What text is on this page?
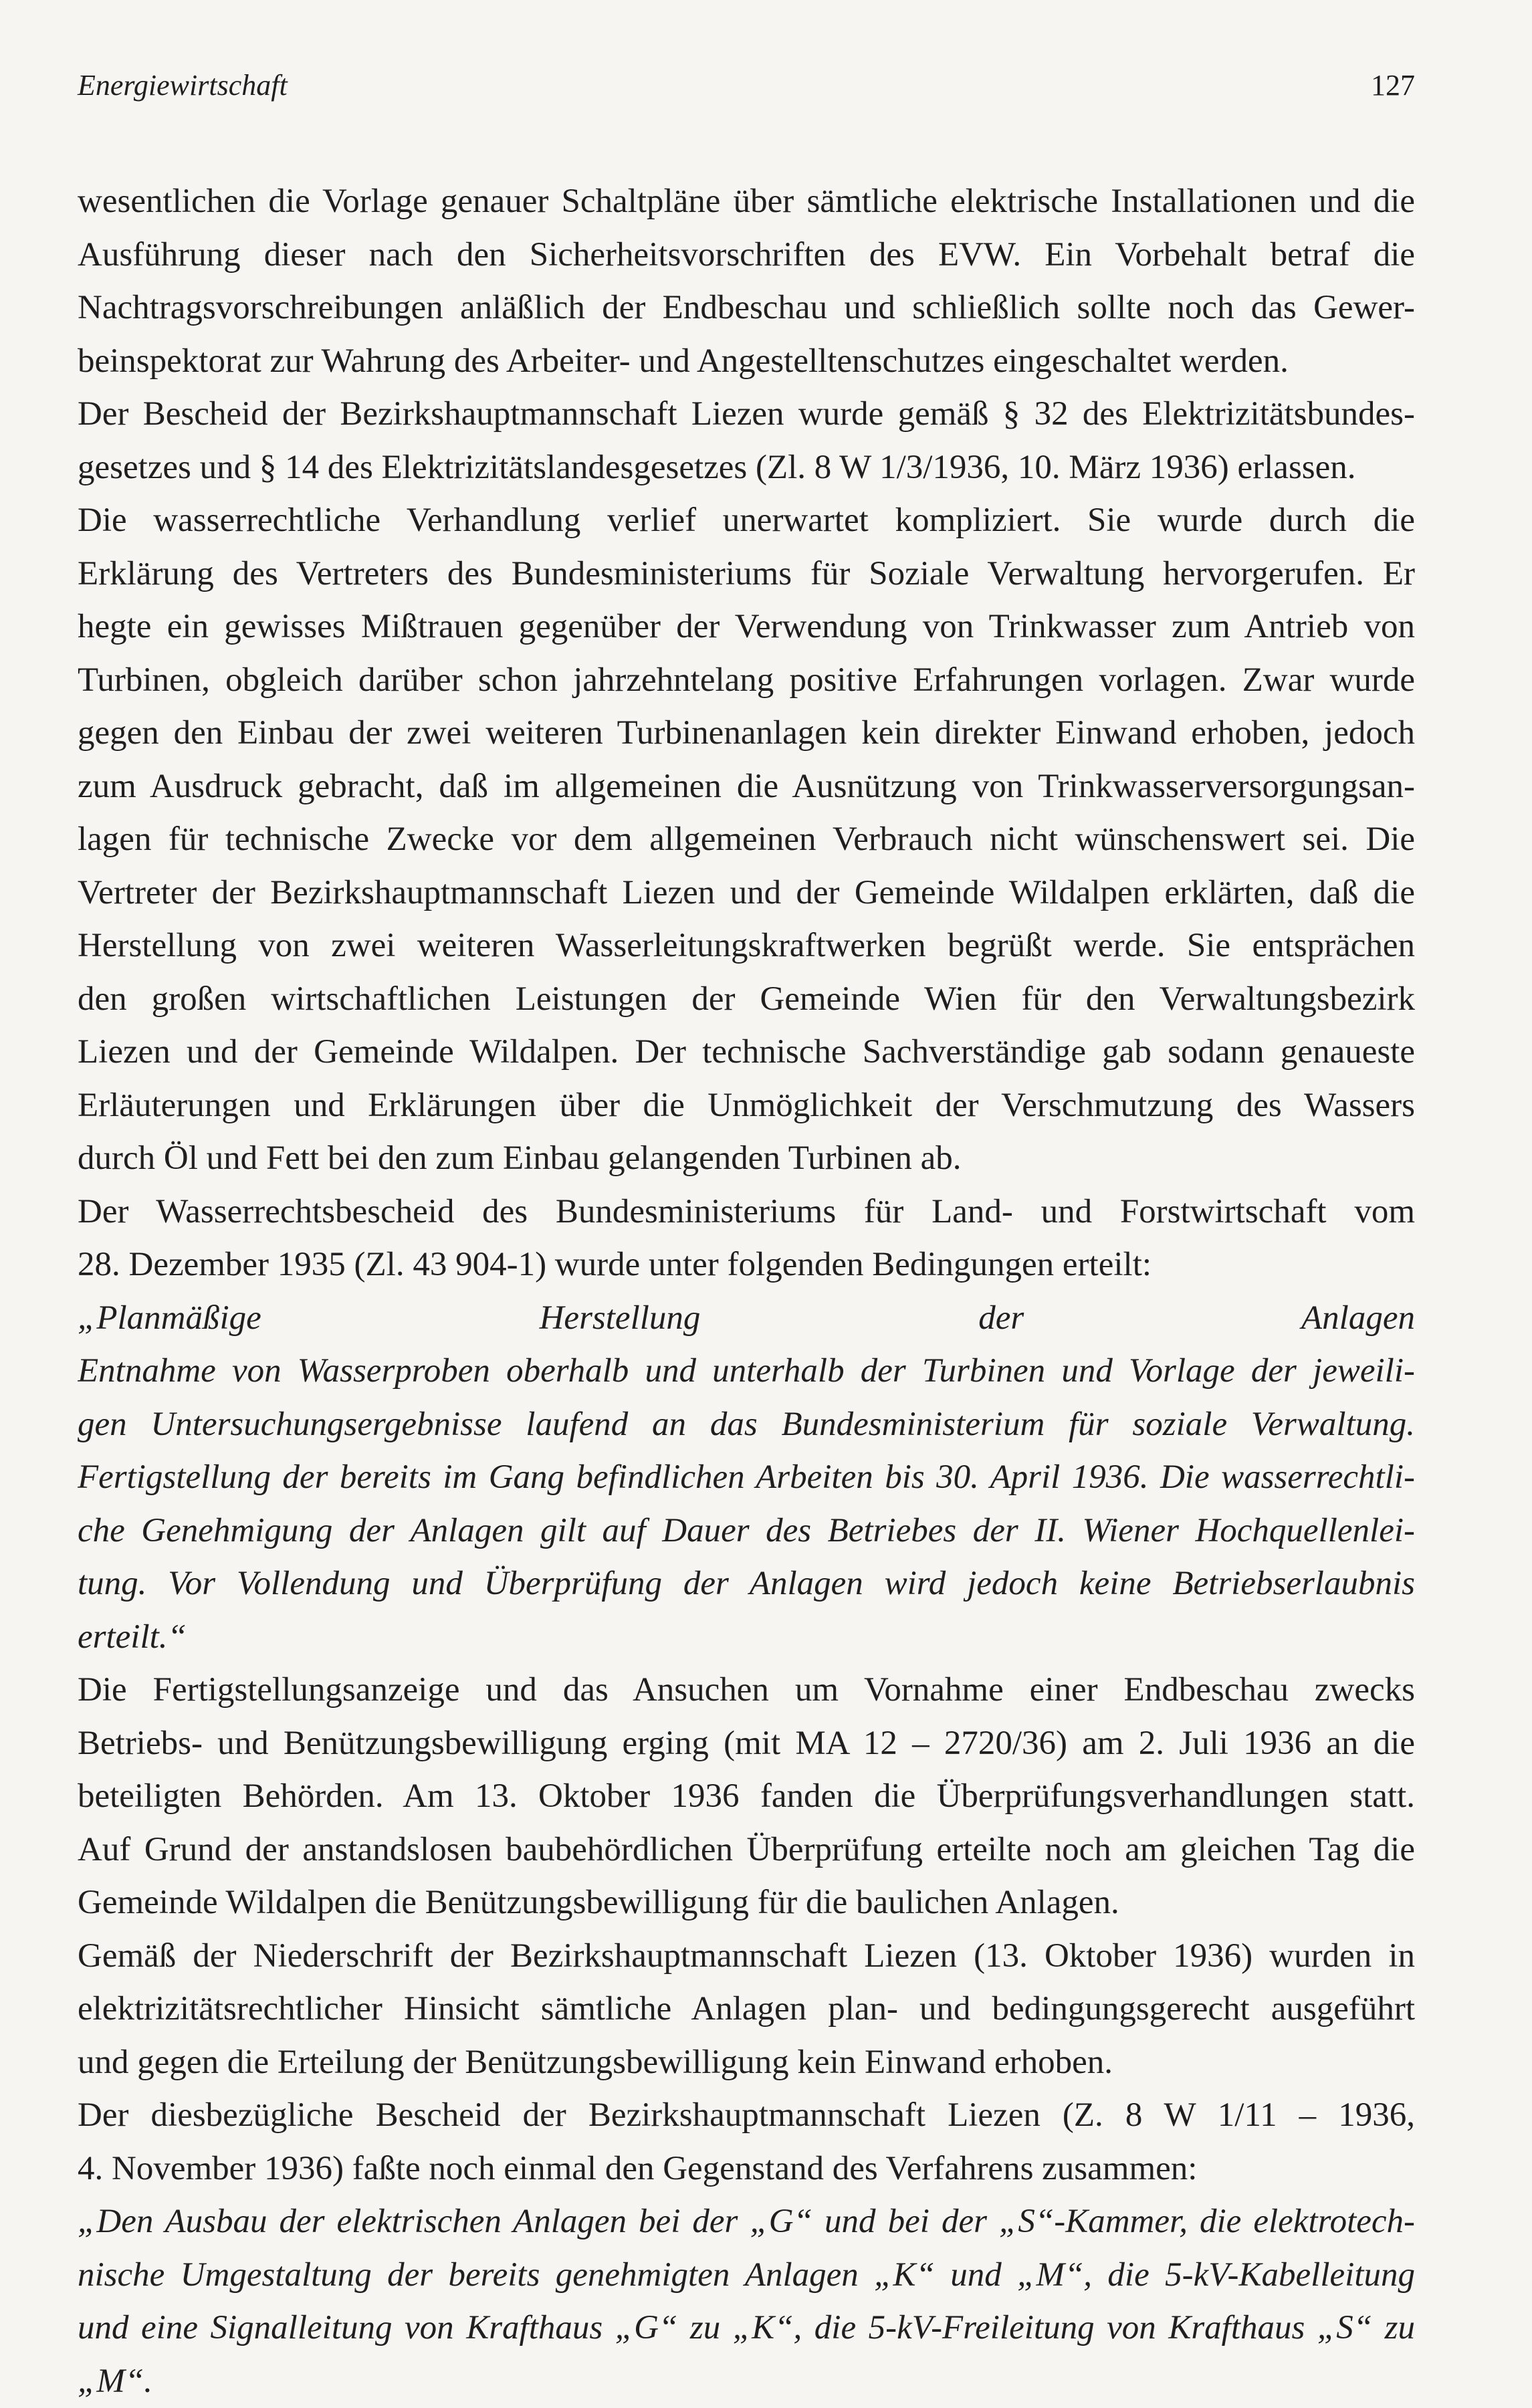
Energiewirtschaft	127
wesentlichen die Vorlage genauer Schaltpläne über sämtliche elektrische Installationen und die
Ausführung dieser nach den Sicherheitsvorschriften des EVW. Ein Vorbehalt betraf die
Nachtragsvorschreibungen anläßlich der Endbeschau und schließlich sollte noch das Gewer-
beinspektorat zur Wahrung des Arbeiter- und Angestelltenschutzes eingeschaltet werden.
Der Bescheid der Bezirkshauptmannschaft Liezen wurde gemäß § 32 des Elektrizitätsbundes-
gesetzes und § 14 des Elektrizitätslandesgesetzes (Zl. 8 W 1/3/1936, 10. März 1936) erlassen.
Die wasserrechtliche Verhandlung verlief unerwartet kompliziert. Sie wurde durch die
Erklärung des Vertreters des Bundesministeriums für Soziale Verwaltung hervorgerufen. Er
hegte ein gewisses Mißtrauen gegenüber der Verwendung von Trinkwasser zum Antrieb von
Turbinen, obgleich darüber schon jahrzehntelang positive Erfahrungen vorlagen. Zwar wurde
gegen den Einbau der zwei weiteren Turbinenanlagen kein direkter Einwand erhoben, jedoch
zum Ausdruck gebracht, daß im allgemeinen die Ausnützung von Trinkwasserversorgungsan-
lagen für technische Zwecke vor dem allgemeinen Verbrauch nicht wünschenswert sei. Die
Vertreter der Bezirkshauptmannschaft Liezen und der Gemeinde Wildalpen erklärten, daß die
Herstellung von zwei weiteren Wasserleitungskraftwerken begrüßt werde. Sie entsprächen
den großen wirtschaftlichen Leistungen der Gemeinde Wien für den Verwaltungsbezirk
Liezen und der Gemeinde Wildalpen. Der technische Sachverständige gab sodann genaueste
Erläuterungen und Erklärungen über die Unmöglichkeit der Verschmutzung des Wassers
durch Öl und Fett bei den zum Einbau gelangenden Turbinen ab.
Der Wasserrechtsbescheid des Bundesministeriums für Land- und Forstwirtschaft vom
28. Dezember 1935 (Zl. 43 904-1) wurde unter folgenden Bedingungen erteilt:
„Planmäßige Herstellung der Anlagen
Entnahme von Wasserproben oberhalb und unterhalb der Turbinen und Vorlage der jeweili-
gen Untersuchungsergebnisse laufend an das Bundesministerium für soziale Verwaltung.
Fertigstellung der bereits im Gang befindlichen Arbeiten bis 30. April 1936. Die wasserrechtli-
che Genehmigung der Anlagen gilt auf Dauer des Betriebes der II. Wiener Hochquellenlei-
tung. Vor Vollendung und Überprüfung der Anlagen wird jedoch keine Betriebserlaubnis
erteilt.“
Die Fertigstellungsanzeige und das Ansuchen um Vornahme einer Endbeschau zwecks
Betriebs- und Benützungsbewilligung erging (mit MA 12 – 2720/36) am 2. Juli 1936 an die
beteiligten Behörden. Am 13. Oktober 1936 fanden die Überprüfungsverhandlungen statt.
Auf Grund der anstandslosen baubehördlichen Überprüfung erteilte noch am gleichen Tag die
Gemeinde Wildalpen die Benützungsbewilligung für die baulichen Anlagen.
Gemäß der Niederschrift der Bezirkshauptmannschaft Liezen (13. Oktober 1936) wurden in
elektrizitätsrechtlicher Hinsicht sämtliche Anlagen plan- und bedingungsgerecht ausgeführt
und gegen die Erteilung der Benützungsbewilligung kein Einwand erhoben.
Der diesbezügliche Bescheid der Bezirkshauptmannschaft Liezen (Z. 8 W 1/11 – 1936,
4. November 1936) faßte noch einmal den Gegenstand des Verfahrens zusammen:
„Den Ausbau der elektrischen Anlagen bei der „G“ und bei der „S“-Kammer, die elektrotech-
nische Umgestaltung der bereits genehmigten Anlagen „K“ und „M“, die 5-kV-Kabelleitung
und eine Signalleitung von Krafthaus „G“ zu „K“, die 5-kV-Freileitung von Krafthaus „S“ zu
„M“.
